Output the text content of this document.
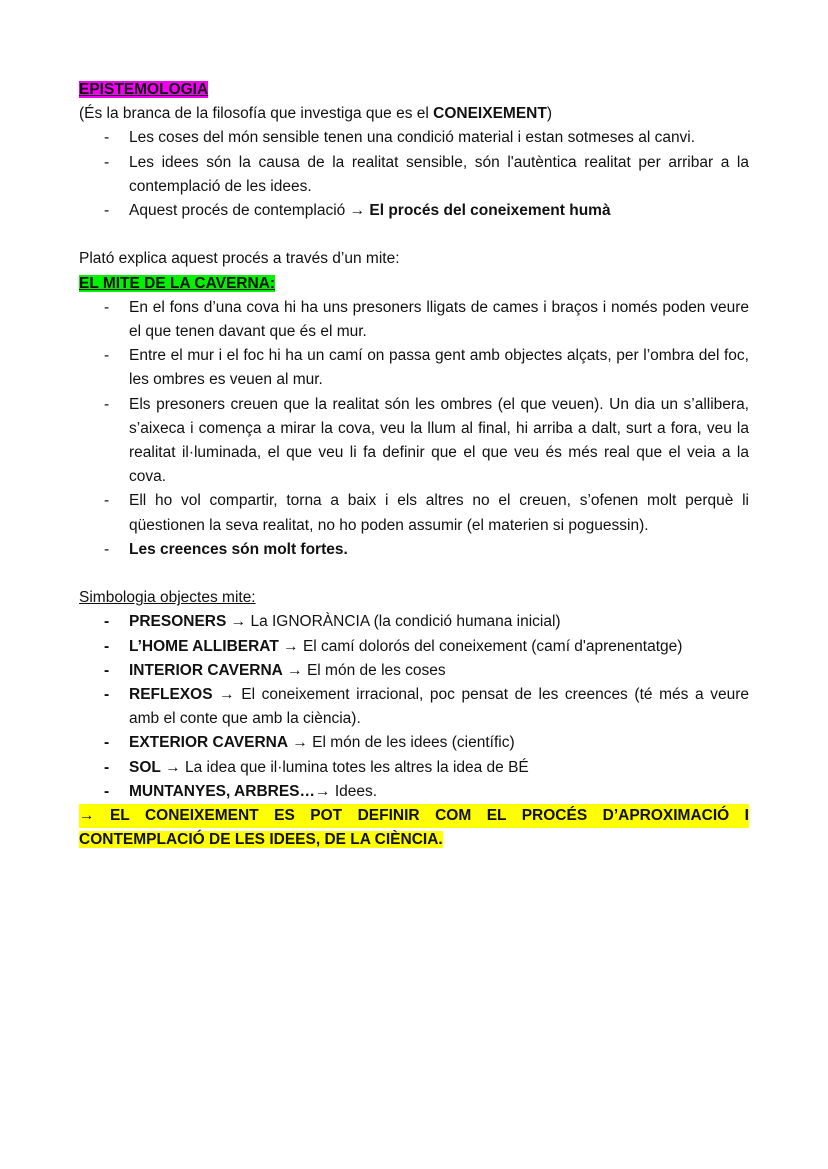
EPISTEMOLOGIA

(És la branca de la filosofía que investiga que es el CONEIXEMENT)

- Les coses del món sensible tenen una condició material i estan sotmeses al canvi.
- Les idees són la causa de la realitat sensible, són l'autèntica realitat per arribar a la contemplació de les idees.
- Aquest procés de contemplació → El procés del coneixement humà

Plató explica aquest procés a través d’un mite:

EL MITE DE LA CAVERNA:

- En el fons d’una cova hi ha uns presoners lligats de cames i braços i només poden veure el que tenen davant que és el mur.
- Entre el mur i el foc hi ha un camí on passa gent amb objectes alçats, per l’ombra del foc, les ombres es veuen al mur.
- Els presoners creuen que la realitat són les ombres (el que veuen). Un dia un s’allibera, s’aixeca i comença a mirar la cova, veu la llum al final, hi arriba a dalt, surt a fora, veu la realitat il·luminada, el que veu li fa definir que el que veu és més real que el veia a la cova.
- Ell ho vol compartir, torna a baix i els altres no el creuen, s’ofenen molt perquè li qüestionen la seva realitat, no ho poden assumir (el materien si poguessin).
- Les creences són molt fortes.

Simbologia objectes mite:

- PRESONERS → La IGNORÀNCIA (la condició humana inicial)
- L’HOME ALLIBERAT → El camí dolorós del coneixement (camí d'aprenentatge)
- INTERIOR CAVERNA → El món de les coses
- REFLEXOS → El coneixement irracional, poc pensat de les creences (té més a veure amb el conte que amb la ciència).
- EXTERIOR CAVERNA → El món de les idees (científic)
- SOL → La idea que il·lumina totes les altres la idea de BÉ
- MUNTANYES, ARBRES…→ Idees.

→ EL CONEIXEMENT ES POT DEFINIR COM EL PROCÉS D’APROXIMACIÓ I
CONTEMPLACIÓ DE LES IDEES, DE LA CIÈNCIA.
